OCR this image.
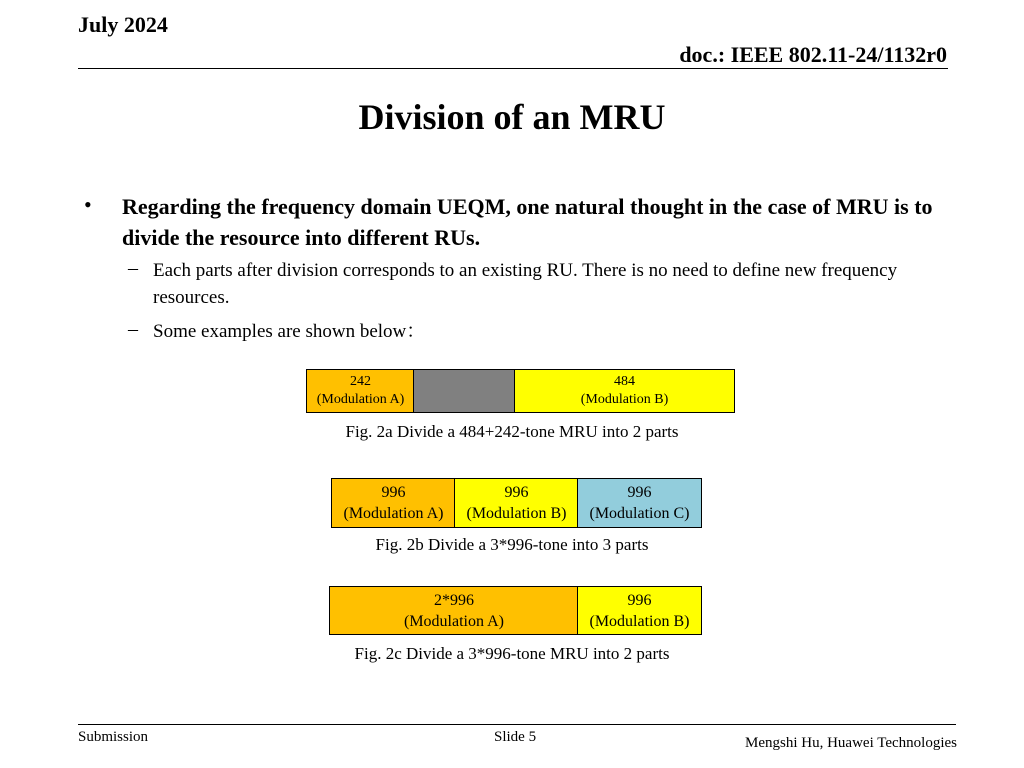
July 2024
doc.: IEEE 802.11-24/1132r0
Division of an MRU
• Regarding the frequency domain UEQM, one natural thought in the case of MRU is to divide the resource into different RUs.
– Each parts after division corresponds to an existing RU. There is no need to define new frequency resources.
– Some examples are shown below：
242
(Modulation A)
484
(Modulation B)
Fig. 2a Divide a 484+242-tone MRU into 2 parts
996
(Modulation A)
996
(Modulation B)
996
(Modulation C)
Fig. 2b Divide a 3*996-tone into 3 parts
2*996
(Modulation A)
996
(Modulation B)
Fig. 2c Divide a 3*996-tone MRU into 2 parts
Submission	Slide 5	Mengshi Hu, Huawei Technologies
